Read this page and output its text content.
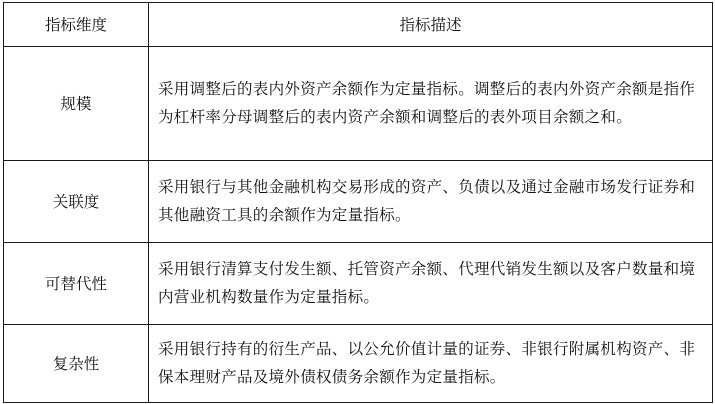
指标维度	指标描述
规模	采用调整后的表内外资产余额作为定量指标。调整后的表内外资产余额是指作为杠杆率分母调整后的表内资产余额和调整后的表外项目余额之和。
关联度	采用银行与其他金融机构交易形成的资产、负债以及通过金融市场发行证券和其他融资工具的余额作为定量指标。
可替代性	采用银行清算支付发生额、托管资产余额、代理代销发生额以及客户数量和境内营业机构数量作为定量指标。
复杂性	采用银行持有的衍生产品、以公允价值计量的证券、非银行附属机构资产、非保本理财产品及境外债权债务余额作为定量指标。
